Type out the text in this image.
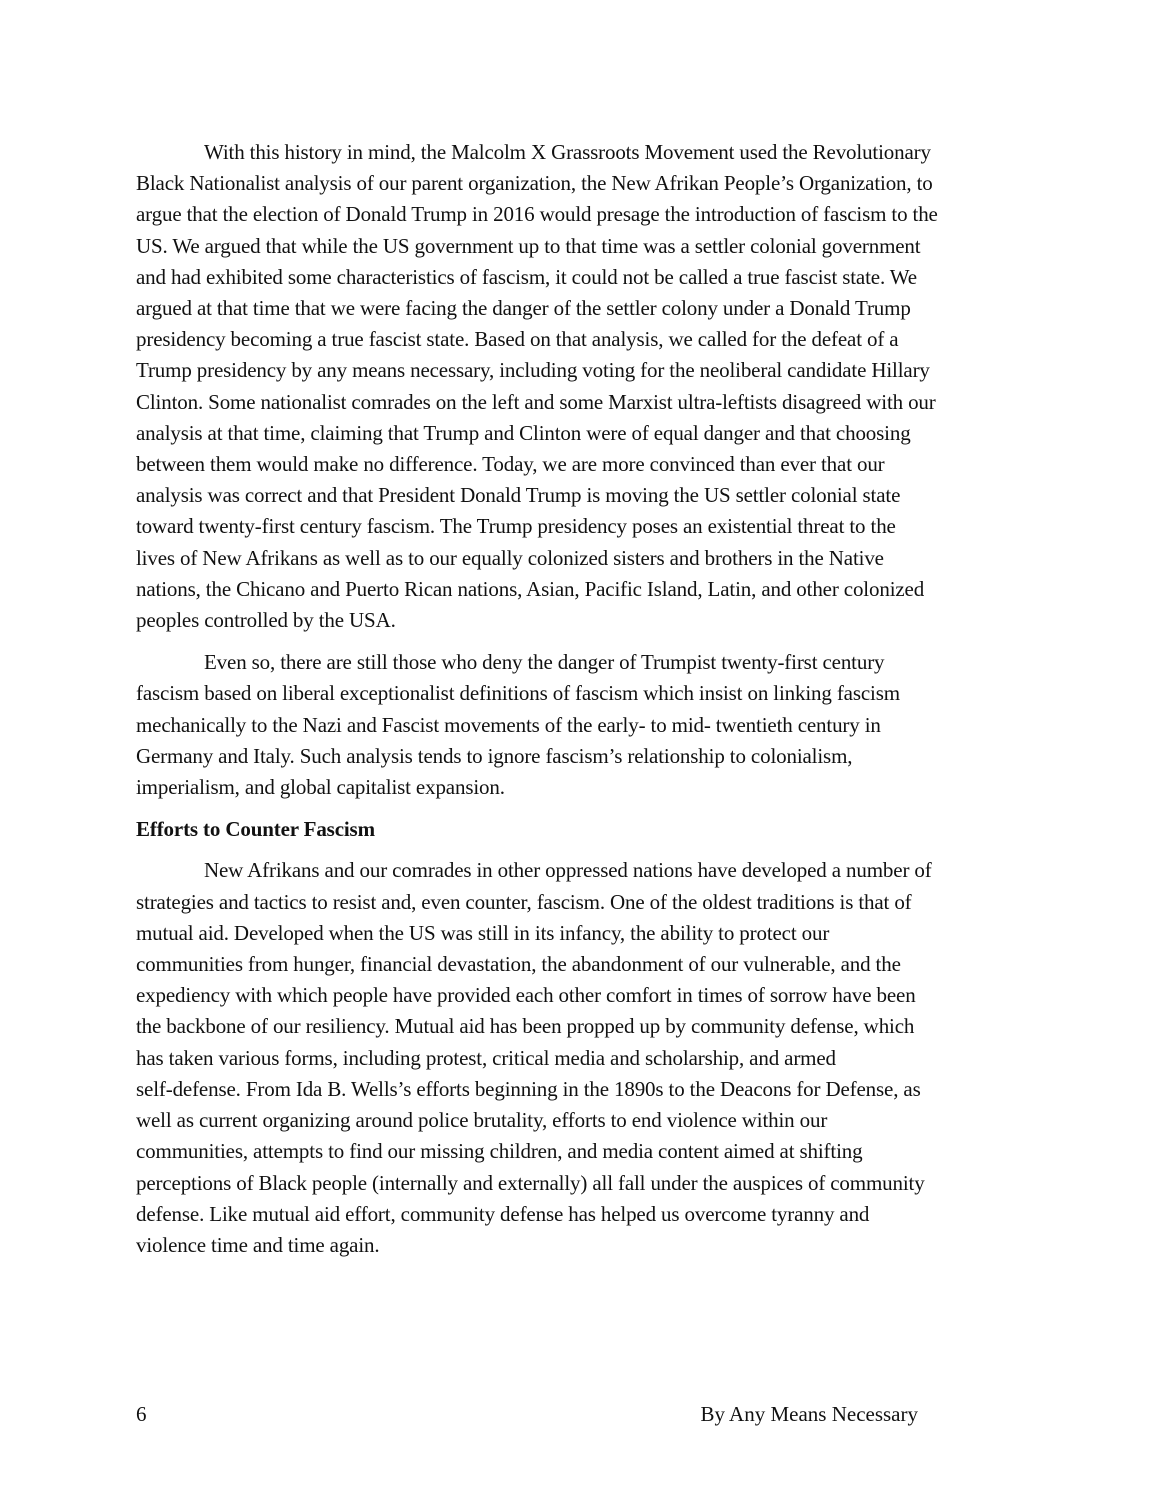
With this history in mind, the Malcolm X Grassroots Movement used the Revolutionary
Black Nationalist analysis of our parent organization, the New Afrikan People’s Organization, to
argue that the election of Donald Trump in 2016 would presage the introduction of fascism to the
US. We argued that while the US government up to that time was a settler colonial government
and had exhibited some characteristics of fascism, it could not be called a true fascist state. We
argued at that time that we were facing the danger of the settler colony under a Donald Trump
presidency becoming a true fascist state. Based on that analysis, we called for the defeat of a
Trump presidency by any means necessary, including voting for the neoliberal candidate Hillary
Clinton. Some nationalist comrades on the left and some Marxist ultra-leftists disagreed with our
analysis at that time, claiming that Trump and Clinton were of equal danger and that choosing
between them would make no difference. Today, we are more convinced than ever that our
analysis was correct and that President Donald Trump is moving the US settler colonial state
toward twenty-first century fascism. The Trump presidency poses an existential threat to the
lives of New Afrikans as well as to our equally colonized sisters and brothers in the Native
nations, the Chicano and Puerto Rican nations, Asian, Pacific Island, Latin, and other colonized
peoples controlled by the USA.
Even so, there are still those who deny the danger of Trumpist twenty-first century
fascism based on liberal exceptionalist definitions of fascism which insist on linking fascism
mechanically to the Nazi and Fascist movements of the early- to mid- twentieth century in
Germany and Italy. Such analysis tends to ignore fascism’s relationship to colonialism,
imperialism, and global capitalist expansion.
Efforts to Counter Fascism
New Afrikans and our comrades in other oppressed nations have developed a number of
strategies and tactics to resist and, even counter, fascism. One of the oldest traditions is that of
mutual aid. Developed when the US was still in its infancy, the ability to protect our
communities from hunger, financial devastation, the abandonment of our vulnerable, and the
expediency with which people have provided each other comfort in times of sorrow have been
the backbone of our resiliency. Mutual aid has been propped up by community defense, which
has taken various forms, including protest, critical media and scholarship, and armed
self-defense. From Ida B. Wells’s efforts beginning in the 1890s to the Deacons for Defense, as
well as current organizing around police brutality, efforts to end violence within our
communities, attempts to find our missing children, and media content aimed at shifting
perceptions of Black people (internally and externally) all fall under the auspices of community
defense. Like mutual aid effort, community defense has helped us overcome tyranny and
violence time and time again.
6	By Any Means Necessary
